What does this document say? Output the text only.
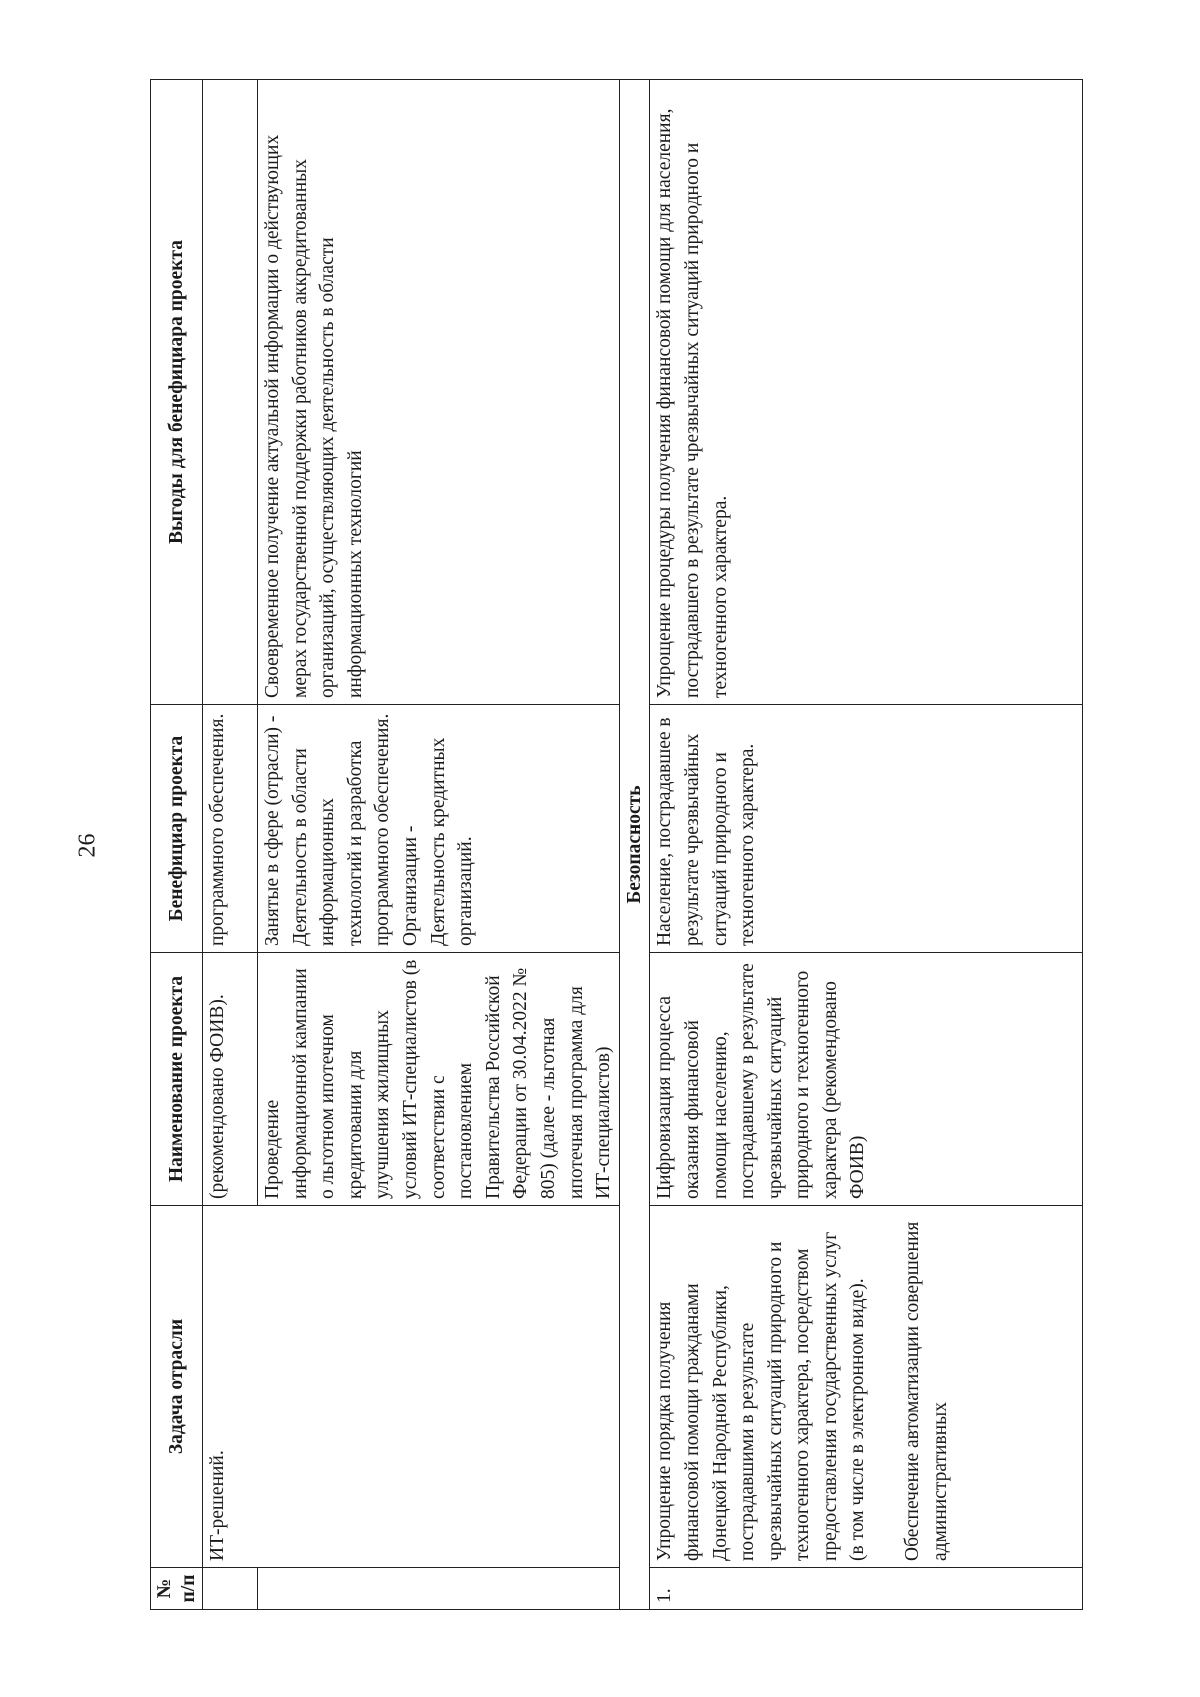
26
№ п/п	Задача отрасли	Наименование проекта	Бенефициар проекта	Выгоды для бенефициара проекта
	ИТ-решений.	(рекомендовано ФОИВ).	программного обеспечения.	
		Проведение информационной кампании о льготном ипотечном кредитовании для улучшения жилищных условий ИТ-специалистов (в соответствии с постановлением Правительства Российской Федерации от 30.04.2022 № 805) (далее - льготная ипотечная программа для ИТ-специалистов)	Занятые в сфере (отрасли) - Деятельность в области информационных технологий и разработка программного обеспечения. Организации - Деятельность кредитных организаций.	Своевременное получение актуальной информации о действующих мерах государственной поддержки работников аккредитованных организаций, осуществляющих деятельность в области информационных технологий
Безопасность				
1.	Упрощение порядка получения финансовой помощи гражданами Донецкой Народной Республики, пострадавшими в результате чрезвычайных ситуаций природного и техногенного характера, посредством предоставления государственных услуг (в том числе в электронном виде). Обеспечение автоматизации совершения административных	Цифровизация процесса оказания финансовой помощи населению, пострадавшему в результате чрезвычайных ситуаций природного и техногенного характера (рекомендовано ФОИВ)	Население, пострадавшее в результате чрезвычайных ситуаций природного и техногенного характера.	Упрощение процедуры получения финансовой помощи для населения, пострадавшего в результате чрезвычайных ситуаций природного и техногенного характера.
